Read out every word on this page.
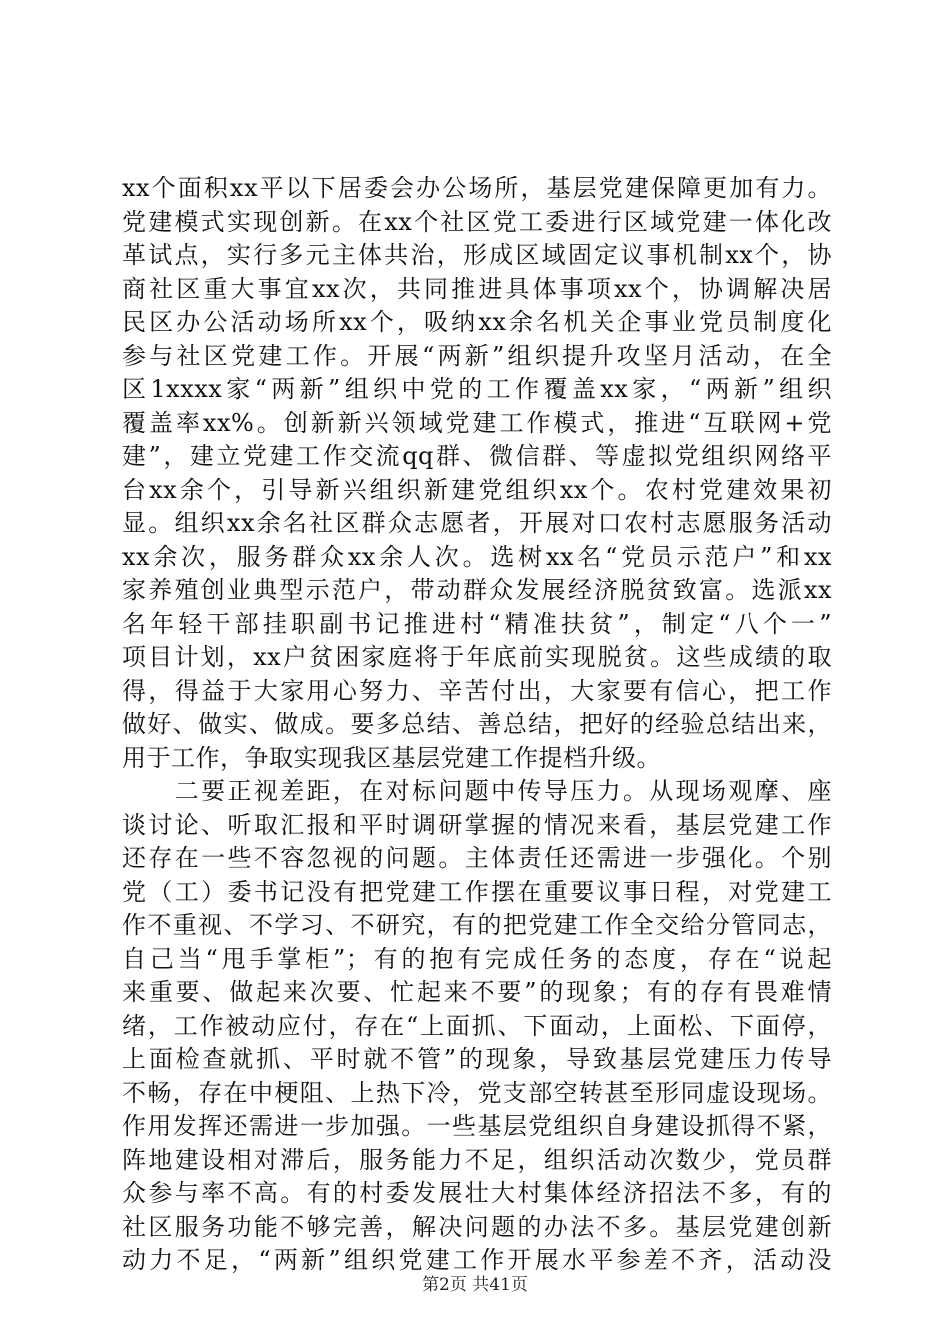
xx个面积xx平以下居委会办公场所，基层党建保障更加有力。
党建模式实现创新。在xx个社区党工委进行区域党建一体化改
革试点，实行多元主体共治，形成区域固定议事机制xx个，协
商社区重大事宜xx次，共同推进具体事项xx个，协调解决居
民区办公活动场所xx个，吸纳xx余名机关企事业党员制度化
参与社区党建工作。开展“两新”组织提升攻坚月活动，在全
区1xxxx家“两新”组织中党的工作覆盖xx家，“两新”组织
覆盖率xx%。创新新兴领域党建工作模式，推进“互联网+党
建”，建立党建工作交流qq群、微信群、等虚拟党组织网络平
台xx余个，引导新兴组织新建党组织xx个。农村党建效果初
显。组织xx余名社区群众志愿者，开展对口农村志愿服务活动
xx余次，服务群众xx余人次。选树xx名“党员示范户”和xx
家养殖创业典型示范户，带动群众发展经济脱贫致富。选派xx
名年轻干部挂职副书记推进村“精准扶贫”，制定“八个一”
项目计划，xx户贫困家庭将于年底前实现脱贫。这些成绩的取
得，得益于大家用心努力、辛苦付出，大家要有信心，把工作
做好、做实、做成。要多总结、善总结，把好的经验总结出来，
用于工作，争取实现我区基层党建工作提档升级。
　　二要正视差距，在对标问题中传导压力。从现场观摩、座
谈讨论、听取汇报和平时调研掌握的情况来看，基层党建工作
还存在一些不容忽视的问题。主体责任还需进一步强化。个别
党（工）委书记没有把党建工作摆在重要议事日程，对党建工
作不重视、不学习、不研究，有的把党建工作全交给分管同志，
自己当“甩手掌柜”；有的抱有完成任务的态度，存在“说起
来重要、做起来次要、忙起来不要”的现象；有的存有畏难情
绪，工作被动应付，存在“上面抓、下面动，上面松、下面停，
上面检查就抓、平时就不管”的现象，导致基层党建压力传导
不畅，存在中梗阻、上热下冷，党支部空转甚至形同虚设现场。
作用发挥还需进一步加强。一些基层党组织自身建设抓得不紧，
阵地建设相对滞后，服务能力不足，组织活动次数少，党员群
众参与率不高。有的村委发展壮大村集体经济招法不多，有的
社区服务功能不够完善，解决问题的办法不多。基层党建创新
动力不足，“两新”组织党建工作开展水平参差不齐，活动没
第2页 共41页
